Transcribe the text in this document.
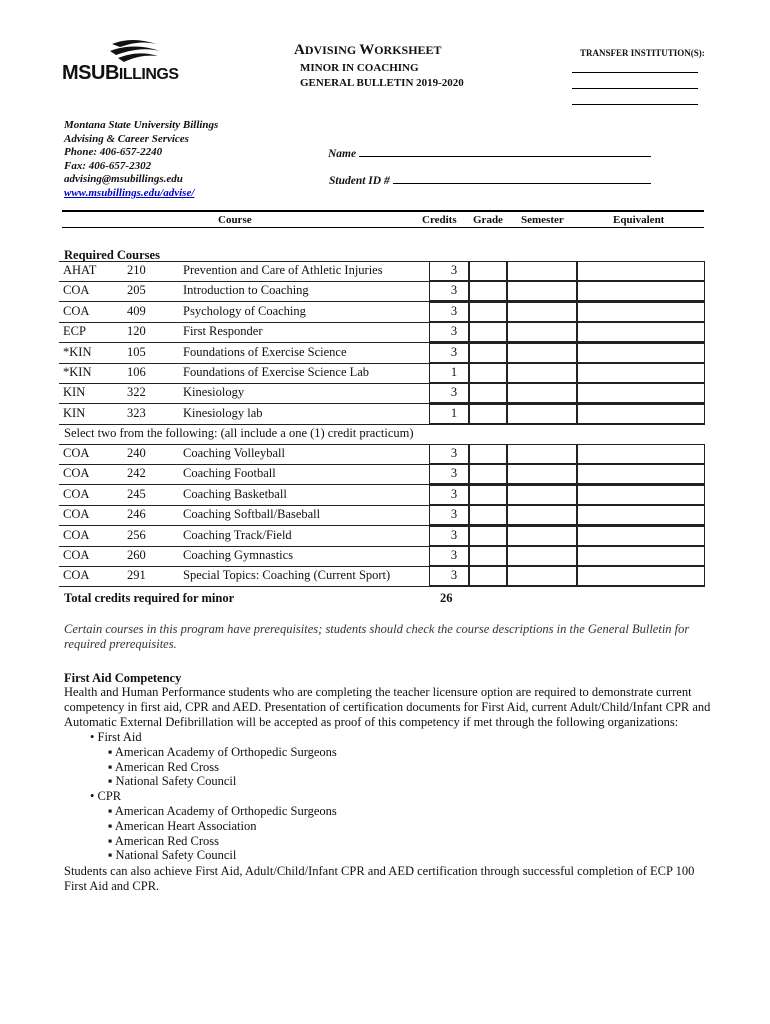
MSUBILLINGS
ADVISING WORKSHEET
MINOR IN COACHING
GENERAL BULLETIN 2019-2020
TRANSFER INSTITUTION(S):
Montana State University Billings
Advising & Career Services
Phone: 406-657-2240
Fax: 406-657-2302
advising@msubillings.edu
www.msubillings.edu/advise/
Name
Student ID #
Course	Credits Grade Semester	Equivalent
Required Courses
AHAT 210	Prevention and Care of Athletic Injuries	3
COA	205	Introduction to Coaching	3
COA	409	Psychology of Coaching	3
ECP	120	First Responder	3
*KIN	105	Foundations of Exercise Science	3
*KIN	106	Foundations of Exercise Science Lab	1
KIN	322	Kinesiology	3
KIN	323	Kinesiology lab	1
Select two from the following: (all include a one (1) credit practicum)
COA	240	Coaching Volleyball	3
COA	242	Coaching Football	3
COA	245	Coaching Basketball	3
COA	246	Coaching Softball/Baseball	3
COA	256	Coaching Track/Field	3
COA	260	Coaching Gymnastics	3
COA	291	Special Topics: Coaching (Current Sport)	3
Total credits required for minor	26
Certain courses in this program have prerequisites; students should check the course descriptions in the General Bulletin for required prerequisites.
First Aid Competency
Health and Human Performance students who are completing the teacher licensure option are required to demonstrate current competency in first aid, CPR and AED. Presentation of certification documents for First Aid, current Adult/Child/Infant CPR and Automatic External Defibrillation will be accepted as proof of this competency if met through the following organizations:
• First Aid
▪ American Academy of Orthopedic Surgeons
▪ American Red Cross
▪ National Safety Council
• CPR
▪ American Academy of Orthopedic Surgeons
▪ American Heart Association
▪ American Red Cross
▪ National Safety Council
Students can also achieve First Aid, Adult/Child/Infant CPR and AED certification through successful completion of ECP 100 First Aid and CPR.
